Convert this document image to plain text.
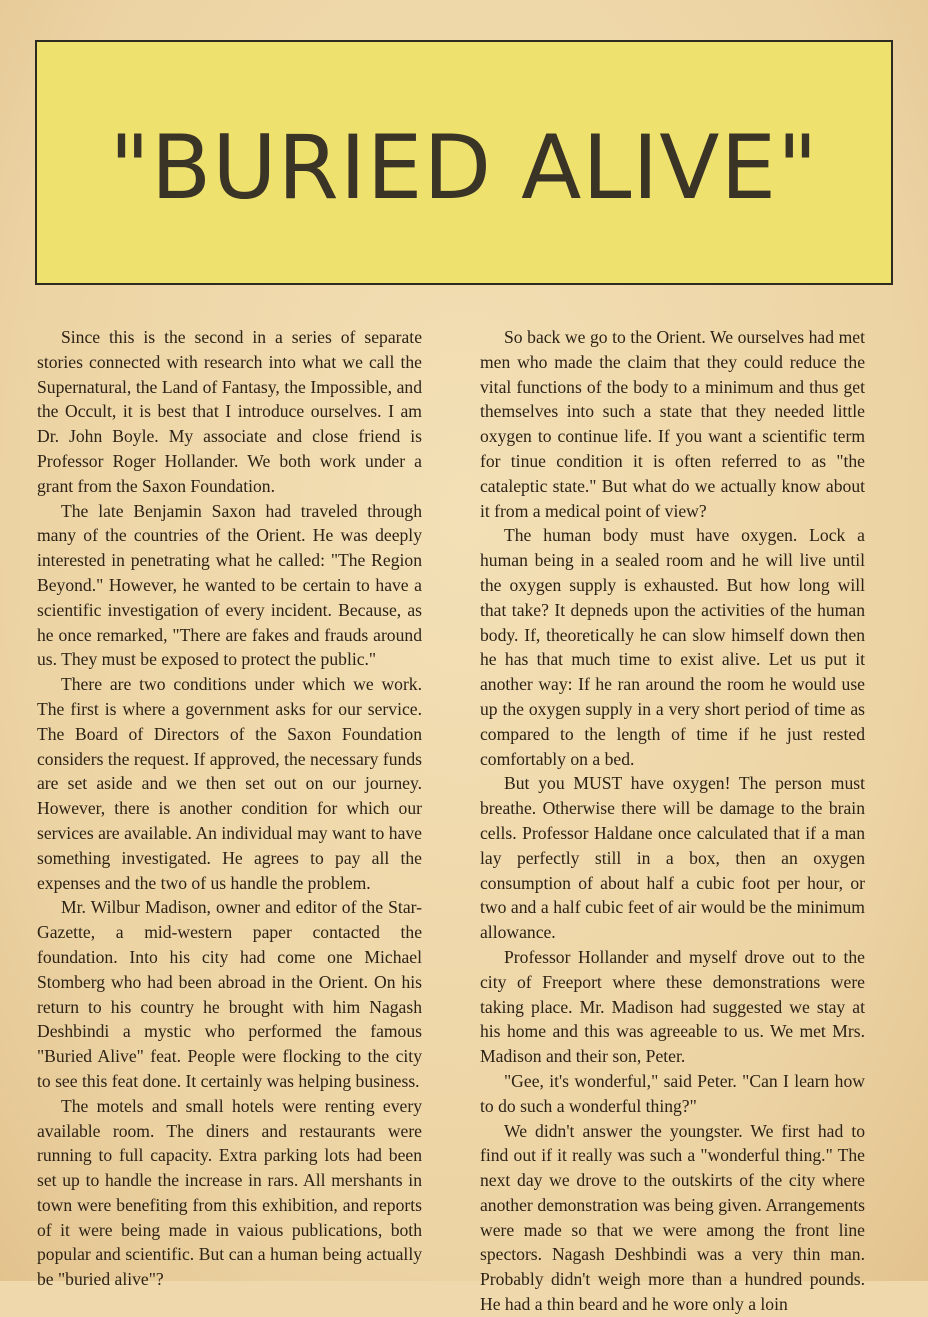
"BURIED ALIVE"

Since this is the second in a series of separate stories connected with research into what we call the Supernatural, the Land of Fantasy, the Impossible, and the Occult, it is best that I introduce ourselves. I am Dr. John Boyle. My associate and close friend is Professor Roger Hollander. We both work under a grant from the Saxon Foundation.

The late Benjamin Saxon had traveled through many of the countries of the Orient. He was deeply interested in penetrating what he called: "The Region Beyond." However, he wanted to be certain to have a scientific investigation of every incident. Because, as he once remarked, "There are fakes and frauds around us. They must be exposed to protect the public."

There are two conditions under which we work. The first is where a government asks for our service. The Board of Directors of the Saxon Foundation considers the request. If approved, the necessary funds are set aside and we then set out on our journey. However, there is another condition for which our services are available. An individual may want to have something investigated. He agrees to pay all the expenses and the two of us handle the problem.

Mr. Wilbur Madison, owner and editor of the Star-Gazette, a mid-western paper contacted the foundation. Into his city had come one Michael Stomberg who had been abroad in the Orient. On his return to his country he brought with him Nagash Deshbindi a mystic who performed the famous "Buried Alive" feat. People were flocking to the city to see this feat done. It certainly was helping business.

The motels and small hotels were renting every available room. The diners and restaurants were running to full capacity. Extra parking lots had been set up to handle the increase in rars. All mershants in town were benefiting from this exhibition, and reports of it were being made in vaious publications, both popular and scientific. But can a human being actually be "buried alive"?

So back we go to the Orient. We ourselves had met men who made the claim that they could reduce the vital functions of the body to a minimum and thus get themselves into such a state that they needed little oxygen to continue life. If you want a scientific term for tinue condition it is often referred to as "the cataleptic state." But what do we actually know about it from a medical point of view?

The human body must have oxygen. Lock a human being in a sealed room and he will live until the oxygen supply is exhausted. But how long will that take? It depneds upon the activities of the human body. If, theoretically he can slow himself down then he has that much time to exist alive. Let us put it another way: If he ran around the room he would use up the oxygen supply in a very short period of time as compared to the length of time if he just rested comfortably on a bed.

But you MUST have oxygen! The person must breathe. Otherwise there will be damage to the brain cells. Professor Haldane once calculated that if a man lay perfectly still in a box, then an oxygen consumption of about half a cubic foot per hour, or two and a half cubic feet of air would be the minimum allowance.

Professor Hollander and myself drove out to the city of Freeport where these demonstrations were taking place. Mr. Madison had suggested we stay at his home and this was agreeable to us. We met Mrs. Madison and their son, Peter.

"Gee, it's wonderful," said Peter. "Can I learn how to do such a wonderful thing?"

We didn't answer the youngster. We first had to find out if it really was such a "wonderful thing." The next day we drove to the outskirts of the city where another demonstration was being given. Arrangements were made so that we were among the front line spectors. Nagash Deshbindi was a very thin man. Probably didn't weigh more than a hundred pounds. He had a thin beard and he wore only a loin
